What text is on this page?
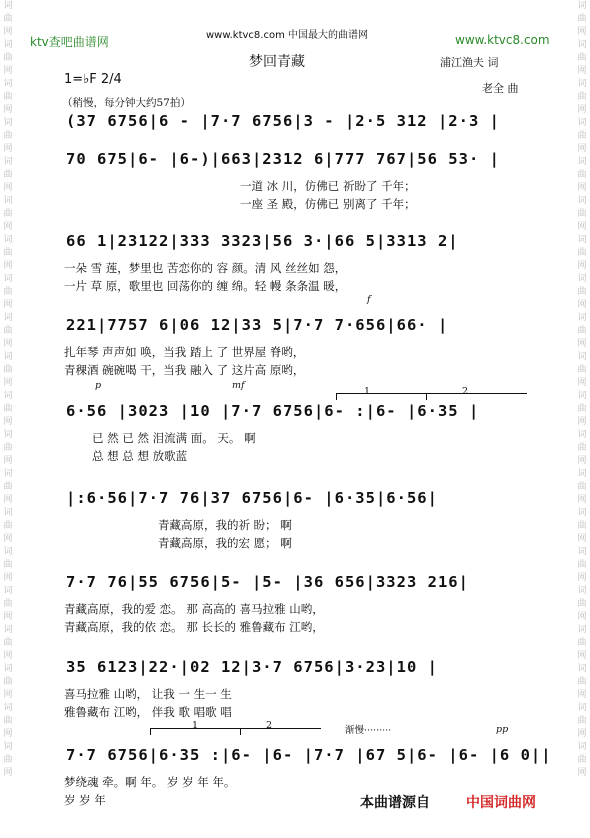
词曲网词曲网词曲网词曲网词曲网词曲网词曲网词曲网词曲网词曲网词曲网词曲网词曲网词曲网词曲网词曲网词曲网词曲网词曲网词曲网
词曲网词曲网词曲网词曲网词曲网词曲网词曲网词曲网词曲网词曲网词曲网词曲网词曲网词曲网词曲网词曲网词曲网词曲网词曲网词曲网
ktv查吧曲谱网	www.ktvc8.com 中国最大的曲谱网	www.ktvc8.com
梦回青藏	浦江渔夫 词
老全 曲
1=♭F 2/4
（稍慢，每分钟大约57拍）
(37 6756|6 - |7·7 6756|3 - |2·5 312 |2·3 |
70 675|6- |6-)|663|2312 6|777 767|56 53· |
一道 冰 川，仿佛已 祈盼了 千年；
一座 圣 殿，仿佛已 别离了 千年；
66 1|23122|333 3323|56 3·|66 5|3313 2|
一朵 雪 莲，梦里也 苦恋你的 容 颜。清 风 丝丝如 怨，
一片 草 原，歌里也 回荡你的 缠 绵。轻 幔 条条温 暖，
f
221|7757 6|06 12|33 5|7·7 7·656|66· |
扎年琴 声声如 唤，当我 踏上 了 世界屋 脊哟，
青稞酒 碗碗喝 干，当我 融入 了 这片高 原哟，
p	mf
1	2
6·56 |3023 |10 |7·7 6756|6- :|6- |6·35 |
已 然 已 然 泪流满 面。 天。 啊
总 想 总 想 放歌蓝
|:6·56|7·7 76|37 6756|6- |6·35|6·56|
青藏高原，我的祈 盼； 啊
青藏高原，我的宏 愿； 啊
7·7 76|55 6756|5- |5- |36 656|3323 216|
青藏高原，我的爱 恋。 那 高高的 喜马拉雅 山哟，
青藏高原，我的依 恋。 那 长长的 雅鲁藏布 江哟，
35 6123|22·|02 12|3·7 6756|3·23|10 |
喜马拉雅 山哟， 让我 一 生一 生
雅鲁藏布 江哟， 伴我 歌 唱歌 唱
1	2	渐慢·········	pp
7·7 6756|6·35 :|6- |6- |7·7 |67 5|6- |6- |6 0||
梦绕魂 牵。啊 年。 岁 岁 年 年。
岁 岁 年	本曲谱源自	中国词曲网
